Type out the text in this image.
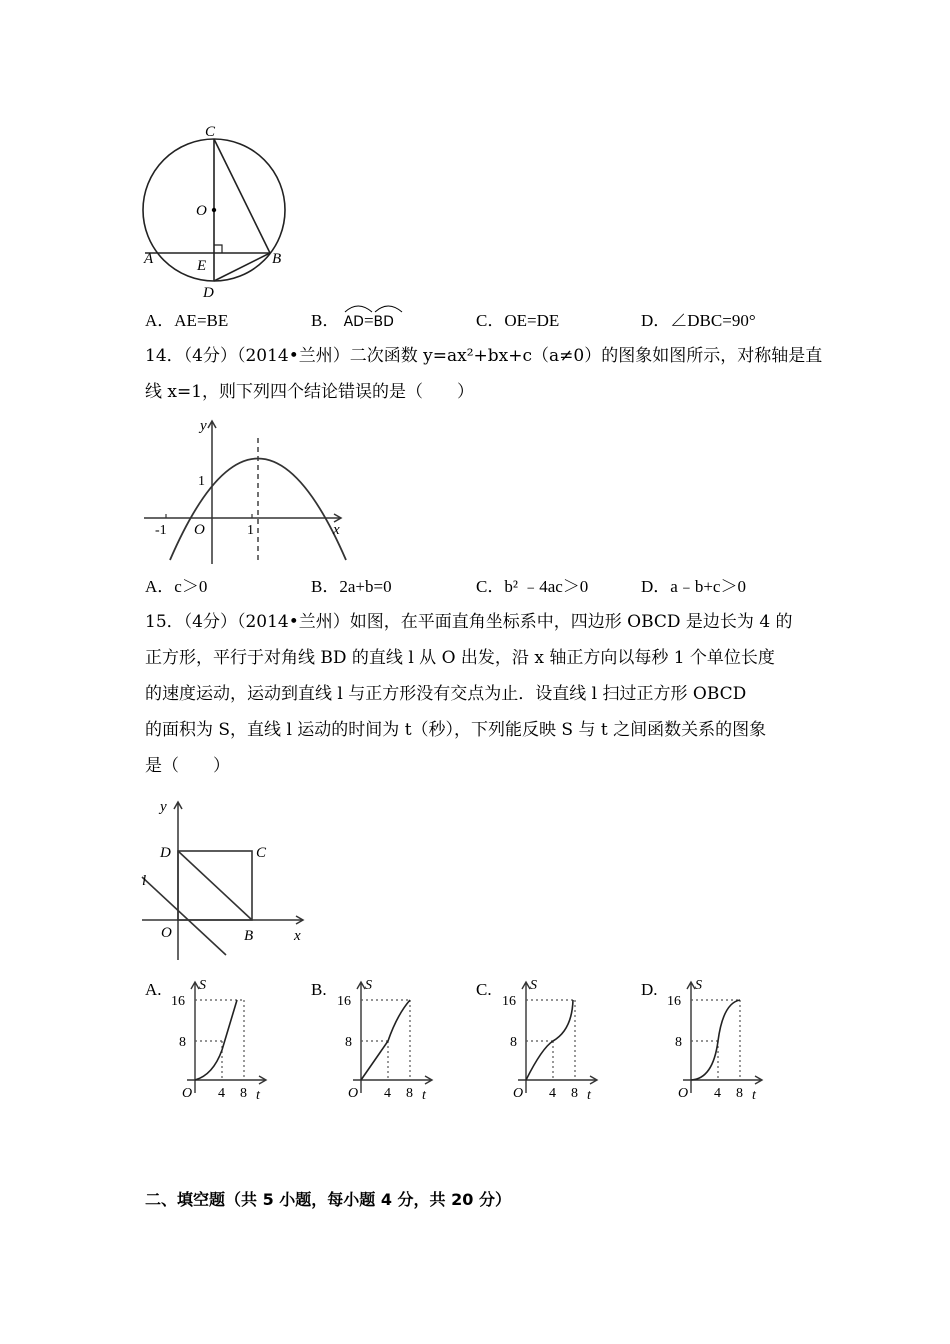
C
O
A	E	B
D
A．AE=BE	B． AD=
BD	C．OE=DE	D．∠DBC=90°
14．（4分）（2014•兰州）二次函数 y=ax²+bx+c（a≠0）的图象如图所示，对称轴是直
线 x=1，则下列四个结论错误的是（　　）
y
x
1
-1 O	1
A．c＞0	B．2a+b=0	C．b² ﹣4ac＞0	D．a﹣b+c＞0
15．（4分）（2014•兰州）如图，在平面直角坐标系中，四边形 OBCD 是边长为 4 的
正方形，平行于对角线 BD 的直线 l 从 O 出发，沿 x 轴正方向以每秒 1 个单位长度
的速度运动，运动到直线 l 与正方形没有交点为止．设直线 l 扫过正方形 OBCD
的面积为 S，直线 l 运动的时间为 t（秒），下列能反映 S 与 t 之间函数关系的图象
是（　　）
y
x
D	C
l
O	B
A.	S
16
8
O 4 8 t
B.	S
16
8
O 4 8 t
C.	S
16
8
O 4 8 t
D.	S
16
8
O 4 8 t
二、填空题（共 5 小题，每小题 4 分，共 20 分）
